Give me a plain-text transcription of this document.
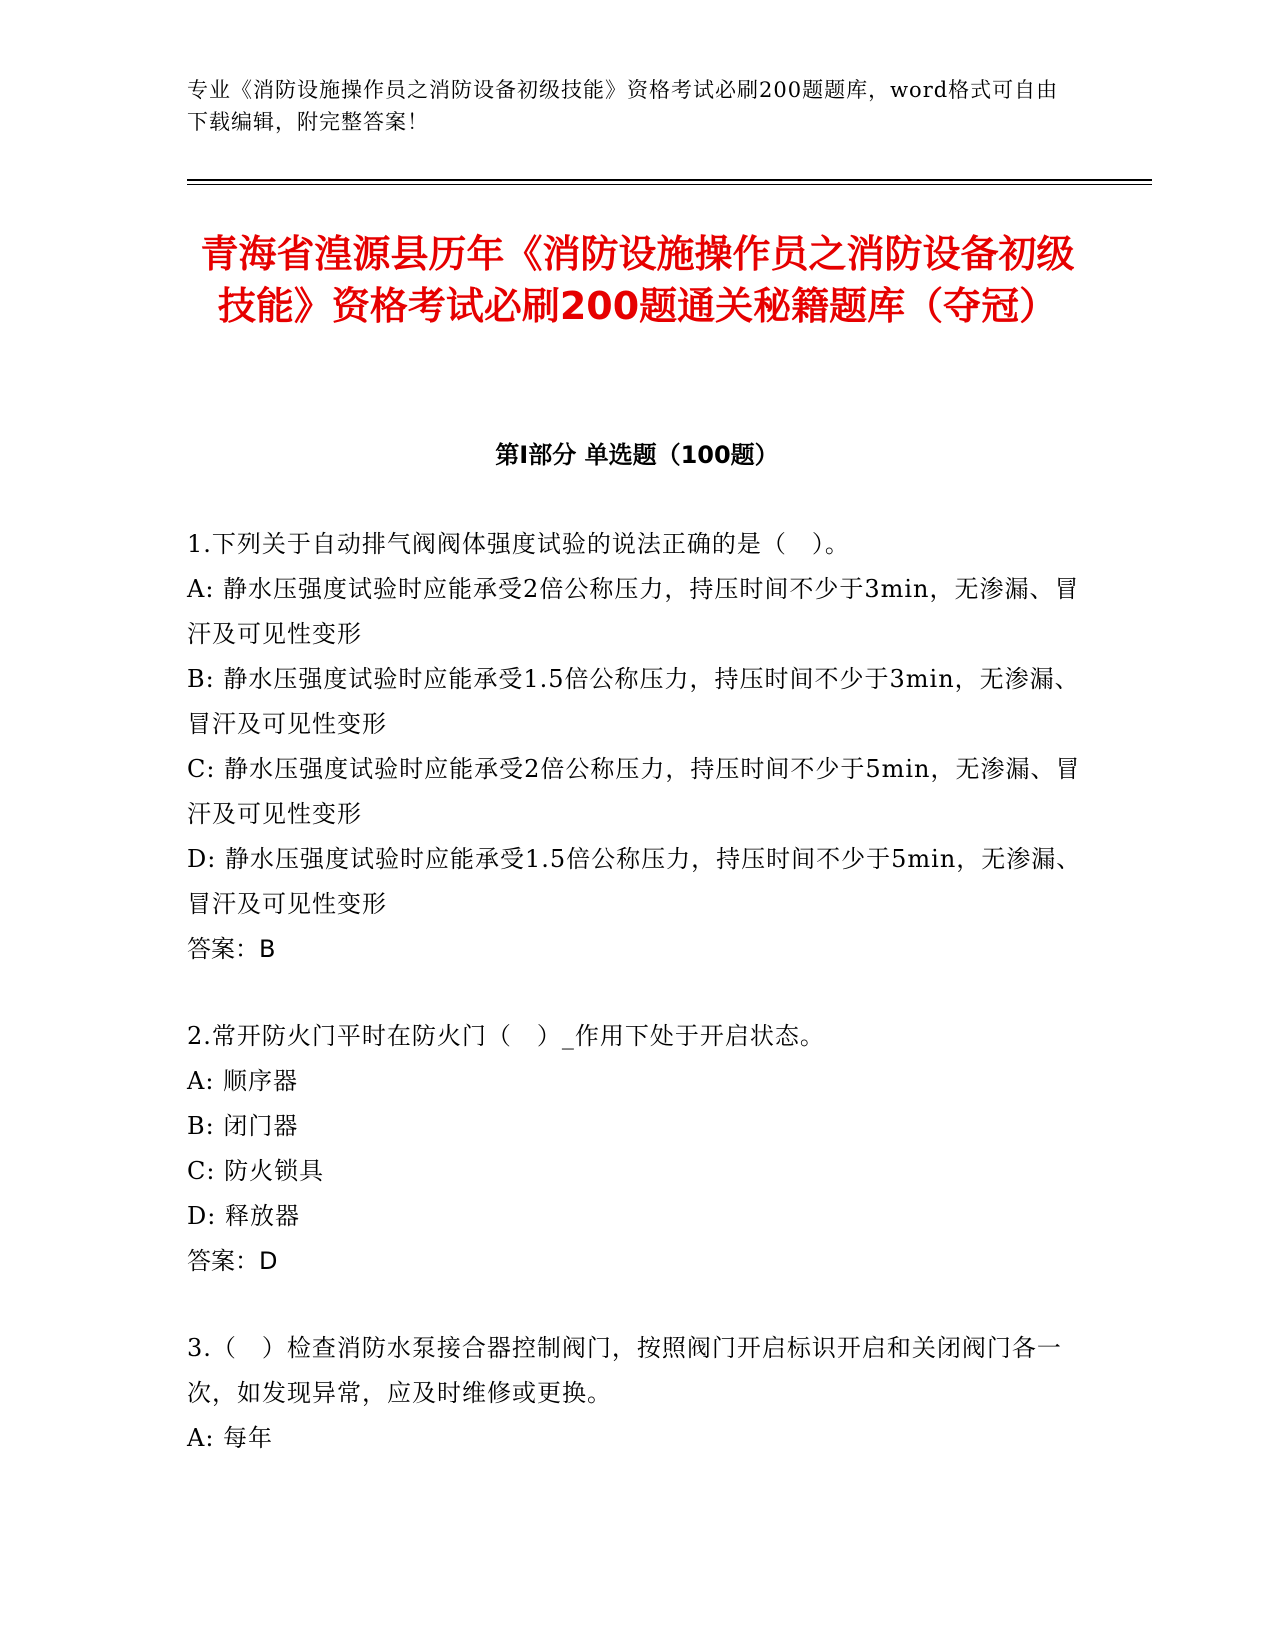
专业《消防设施操作员之消防设备初级技能》资格考试必刷200题题库，word格式可自由下载编辑，附完整答案！
青海省湟源县历年《消防设施操作员之消防设备初级技能》资格考试必刷200题通关秘籍题库（夺冠）
第I部分 单选题（100题）

1.下列关于自动排气阀阀体强度试验的说法正确的是（　）。

A: 静水压强度试验时应能承受2倍公称压力，持压时间不少于3min，无渗漏、冒汗及可见性变形

B: 静水压强度试验时应能承受1.5倍公称压力，持压时间不少于3min，无渗漏、冒汗及可见性变形

C: 静水压强度试验时应能承受2倍公称压力，持压时间不少于5min，无渗漏、冒汗及可见性变形

D: 静水压强度试验时应能承受1.5倍公称压力，持压时间不少于5min，无渗漏、冒汗及可见性变形

答案：B

2.常开防火门平时在防火门（　）_作用下处于开启状态。

A: 顺序器

B: 闭门器

C: 防火锁具

D: 释放器

答案：D

3.（　）检查消防水泵接合器控制阀门，按照阀门开启标识开启和关闭阀门各一次，如发现异常，应及时维修或更换。

A: 每年
